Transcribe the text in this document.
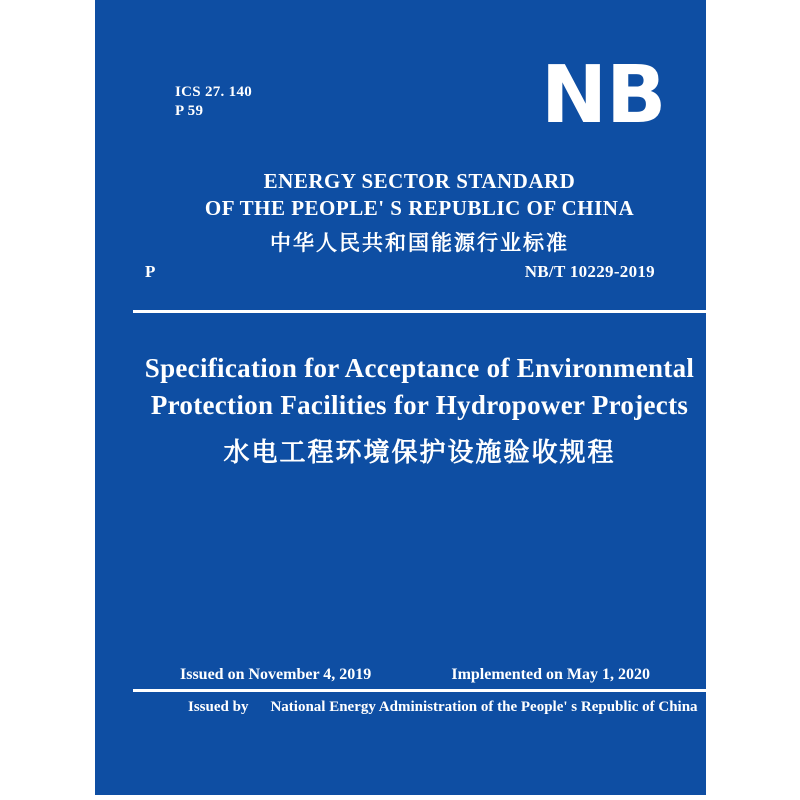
ICS 27. 140
P 59	NB
ENERGY SECTOR STANDARD
OF THE PEOPLE' S REPUBLIC OF CHINA
中华人民共和国能源行业标准
P	NB/T 10229-2019
Specification for Acceptance of Environmental
Protection Facilities for Hydropower Projects
水电工程环境保护设施验收规程
Issued on November 4, 2019	Implemented on May 1, 2020
Issued by National Energy Administration of the People' s Republic of China
